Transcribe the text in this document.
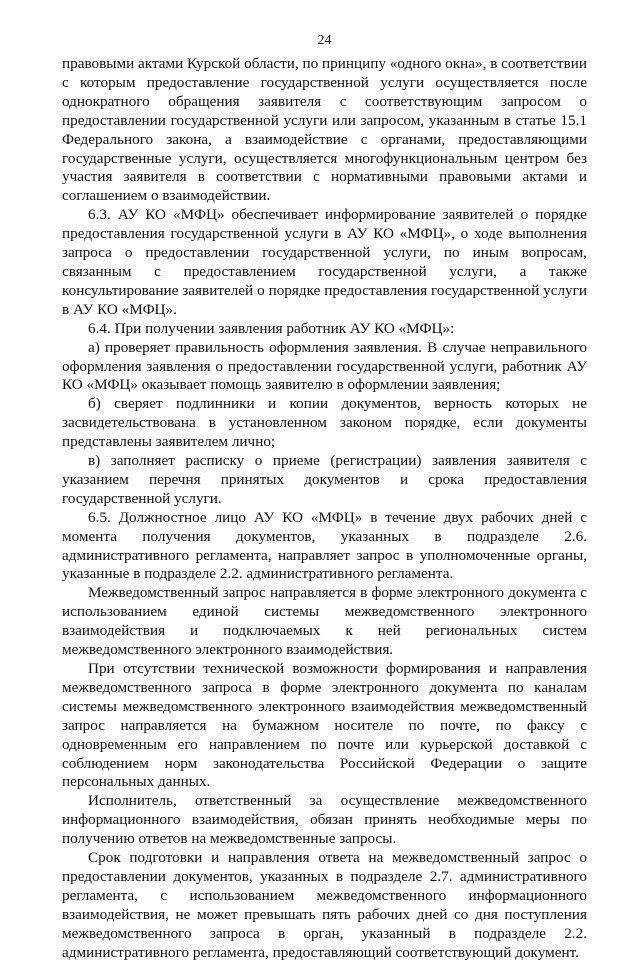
24

правовыми актами Курской области, по принципу «одного окна», в соответствии с которым предоставление государственной услуги осуществляется после однократного обращения заявителя с соответствующим запросом о предоставлении государственной услуги или запросом, указанным в статье 15.1 Федерального закона, а взаимодействие с органами, предоставляющими государственные услуги, осуществляется многофункциональным центром без участия заявителя в соответствии с нормативными правовыми актами и соглашением о взаимодействии.

6.3. АУ КО «МФЦ» обеспечивает информирование заявителей о порядке предоставления государственной услуги в АУ КО «МФЦ», о ходе выполнения запроса о предоставлении государственной услуги, по иным вопросам, связанным с предоставлением государственной услуги, а также консультирование заявителей о порядке предоставления государственной услуги в АУ КО «МФЦ».

6.4. При получении заявления работник АУ КО «МФЦ»:

а) проверяет правильность оформления заявления. В случае неправильного оформления заявления о предоставлении государственной услуги, работник АУ КО «МФЦ» оказывает помощь заявителю в оформлении заявления;

б) сверяет подлинники и копии документов, верность которых не засвидетельствована в установленном законом порядке, если документы представлены заявителем лично;

в) заполняет расписку о приеме (регистрации) заявления заявителя с указанием перечня принятых документов и срока предоставления государственной услуги.

6.5. Должностное лицо АУ КО «МФЦ» в течение двух рабочих дней с момента получения документов, указанных в подразделе 2.6. административного регламента, направляет запрос в уполномоченные органы, указанные в подразделе 2.2. административного регламента.

Межведомственный запрос направляется в форме электронного документа с использованием единой системы межведомственного электронного взаимодействия и подключаемых к ней региональных систем межведомственного электронного взаимодействия.

При отсутствии технической возможности формирования и направления межведомственного запроса в форме электронного документа по каналам системы межведомственного электронного взаимодействия межведомственный запрос направляется на бумажном носителе по почте, по факсу с одновременным его направлением по почте или курьерской доставкой с соблюдением норм законодательства Российской Федерации о защите персональных данных.

Исполнитель, ответственный за осуществление межведомственного информационного взаимодействия, обязан принять необходимые меры по получению ответов на межведомственные запросы.

Срок подготовки и направления ответа на межведомственный запрос о предоставлении документов, указанных в подразделе 2.7. административного регламента, с использованием межведомственного информационного взаимодействия, не может превышать пять рабочих дней со дня поступления межведомственного запроса в орган, указанный в подразделе 2.2. административного регламента, предоставляющий соответствующий документ.
